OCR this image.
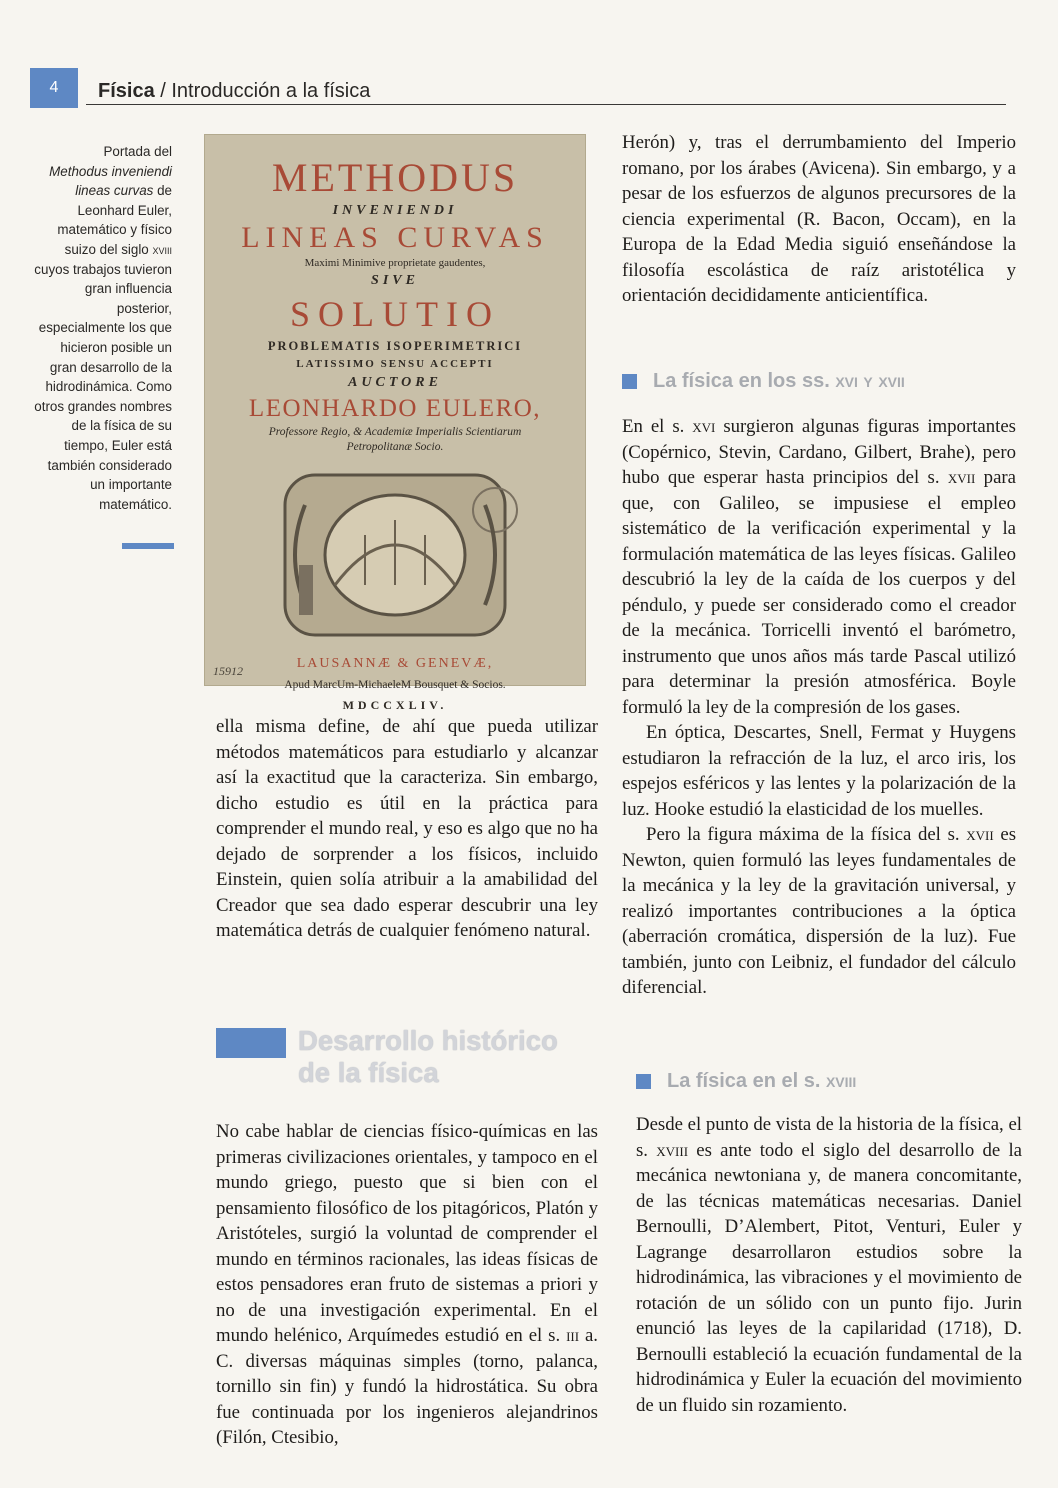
4 Física / Introducción a la física
Portada del
Methodus inveniendi lineas curvas de Leonhard Euler, matemático y físico suizo del siglo xviii cuyos trabajos tuvieron gran influencia posterior, especialmente los que hicieron posible un gran desarrollo de la hidrodinámica. Como otros grandes nombres de la física de su tiempo, Euler está también considerado un importante matemático.
METHODUS
INVENIENDI
LINEAS CURVAS
Maximi Minimive proprietate gaudentes,
SIVE
SOLUTIO
PROBLEMATIS ISOPERIMETRICI
LATISSIMO SENSU ACCEPTI
AUCTORE
LEONHARDO EULERO,
Professore Regio, & Academiæ Imperialis Scientiarum Petropolitanæ Socio.
LAUSANNÆ & GENEVÆ,
Apud MarcUm-MichaeleM Bousquet & Socios.
MDCCXLIV.
15912

ella misma define, de ahí que pueda utilizar métodos matemáticos para estudiarlo y alcanzar así la exactitud que la caracteriza. Sin embargo, dicho estudio es útil en la práctica para comprender el mundo real, y eso es algo que no ha dejado de sorprender a los físicos, incluido Einstein, quien solía atribuir a la amabilidad del Creador que sea dado esperar descubrir una ley matemática detrás de cualquier fenómeno natural.

Desarrollo histórico
de la física

No cabe hablar de ciencias físico-químicas en las primeras civilizaciones orientales, y tampoco en el mundo griego, puesto que si bien con el pensamiento filosófico de los pitagóricos, Platón y Aristóteles, surgió la voluntad de comprender el mundo en términos racionales, las ideas físicas de estos pensadores eran fruto de sistemas a priori y no de una investigación experimental. En el mundo helénico, Arquímedes estudió en el s. iii a. C. diversas máquinas simples (torno, palanca, tornillo sin fin) y fundó la hidrostática. Su obra fue continuada por los ingenieros alejandrinos (Filón, Ctesibio,

Herón) y, tras el derrumbamiento del Imperio romano, por los árabes (Avicena). Sin embargo, y a pesar de los esfuerzos de algunos precursores de la ciencia experimental (R. Bacon, Occam), en la Europa de la Edad Media siguió enseñándose la filosofía escolástica de raíz aristotélica y orientación decididamente anticientífica.

La física en los ss. xvi y xvii

En el s. xvi surgieron algunas figuras importantes (Copérnico, Stevin, Cardano, Gilbert, Brahe), pero hubo que esperar hasta principios del s. xvii para que, con Galileo, se impusiese el empleo sistemático de la verificación experimental y la formulación matemática de las leyes físicas. Galileo descubrió la ley de la caída de los cuerpos y del péndulo, y puede ser considerado como el creador de la mecánica. Torricelli inventó el barómetro, instrumento que unos años más tarde Pascal utilizó para determinar la presión atmosférica. Boyle formuló la ley de la compresión de los gases.

En óptica, Descartes, Snell, Fermat y Huygens estudiaron la refracción de la luz, el arco iris, los espejos esféricos y las lentes y la polarización de la luz. Hooke estudió la elasticidad de los muelles.

Pero la figura máxima de la física del s. xvii es Newton, quien formuló las leyes fundamentales de la mecánica y la ley de la gravitación universal, y realizó importantes contribuciones a la óptica (aberración cromática, dispersión de la luz). Fue también, junto con Leibniz, el fundador del cálculo diferencial.

La física en el s. xviii

Desde el punto de vista de la historia de la física, el s. xviii es ante todo el siglo del desarrollo de la mecánica newtoniana y, de manera concomitante, de las técnicas matemáticas necesarias. Daniel Bernoulli, D’Alembert, Pitot, Venturi, Euler y Lagrange desarrollaron estudios sobre la hidrodinámica, las vibraciones y el movimiento de rotación de un sólido con un punto fijo. Jurin enunció las leyes de la capilaridad (1718), D. Bernoulli estableció la ecuación fundamental de la hidrodinámica y Euler la ecuación del movimiento de un fluido sin rozamiento.
